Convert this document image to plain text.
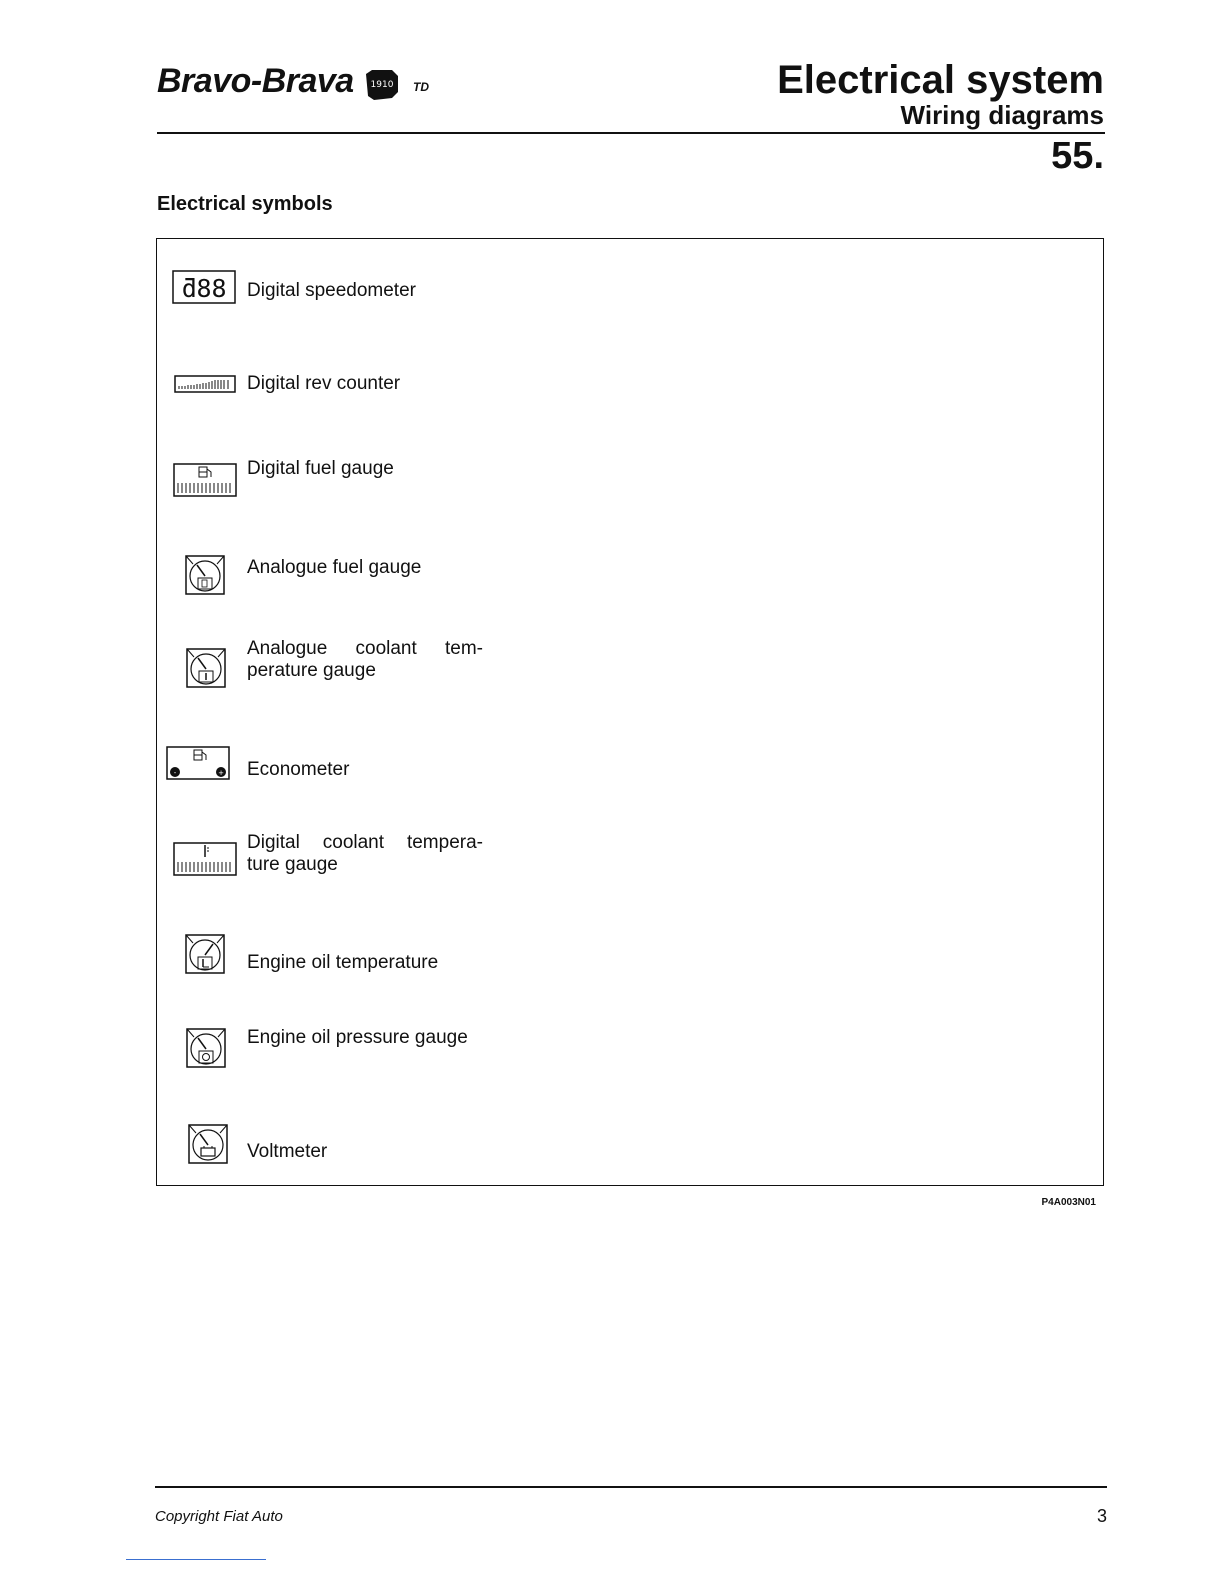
Bravo-Brava 1910 TD	Electrical system
Wiring diagrams
55.
Electrical symbols
ƌ88 Digital speedometer
Digital rev counter
Digital fuel gauge
Analogue fuel gauge
Analogue coolant tem- perature gauge
-	+ Econometer
Digital coolant tempera- ture gauge
Engine oil temperature
Engine oil pressure gauge
Voltmeter
P4A003N01
Copyright Fiat Auto	3
